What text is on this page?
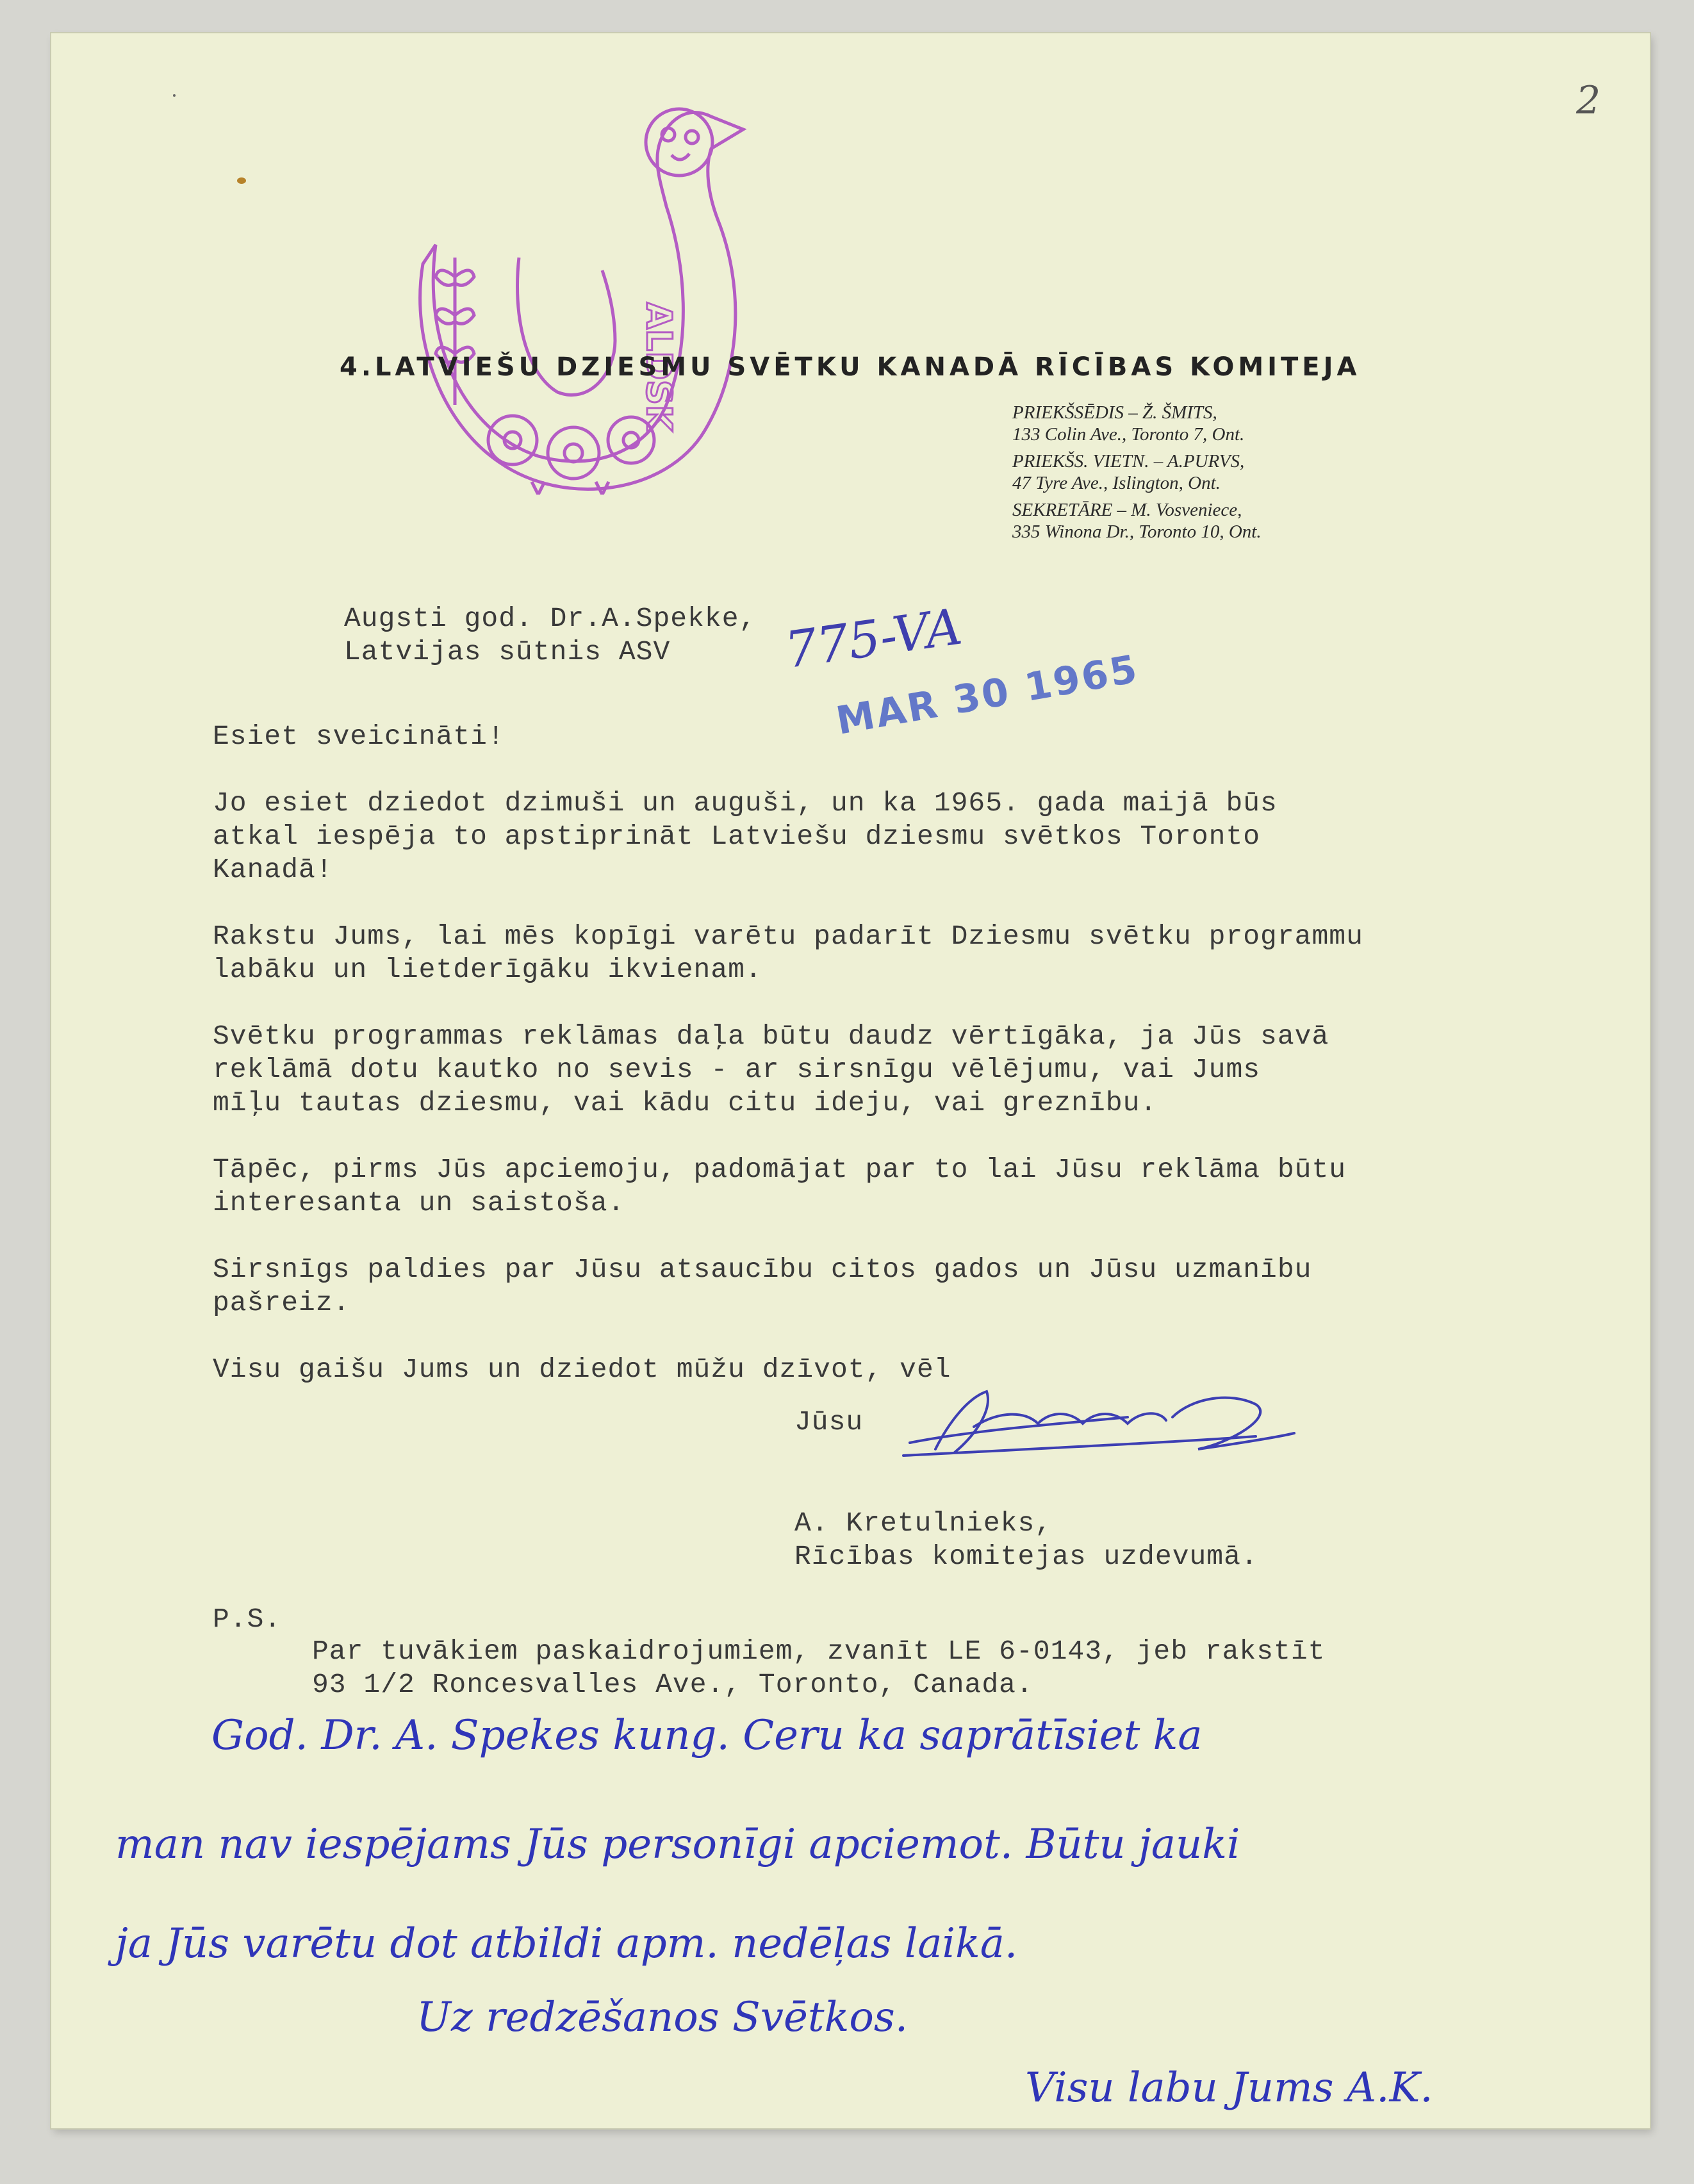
2
ALDSK
4.LATVIEŠU DZIESMU SVĒTKU KANADĀ RĪCĪBAS KOMITEJA
PRIEKŠSĒDIS – Ž. ŠMITS,
133 Colin Ave., Toronto 7, Ont.
PRIEKŠS. VIETN. – A.PURVS,
47 Tyre Ave., Islington, Ont.
SEKRETĀRE – M. Vosveniece,
335 Winona Dr., Toronto 10, Ont.
Augsti god. Dr.A.Spekke,
Latvijas sūtnis ASV	775-VA
MAR 30 1965
Esiet sveicināti!
Jo esiet dziedot dzimuši un auguši, un ka 1965. gada maijā būs
atkal iespēja to apstiprināt Latviešu dziesmu svētkos Toronto
Kanadā!
Rakstu Jums, lai mēs kopīgi varētu padarīt Dziesmu svētku programmu
labāku un lietderīgāku ikvienam.
Svētku programmas reklāmas daļa būtu daudz vērtīgāka, ja Jūs savā
reklāmā dotu kautko no sevis - ar sirsnīgu vēlējumu, vai Jums
mīļu tautas dziesmu, vai kādu citu ideju, vai greznību.
Tāpēc, pirms Jūs apciemoju, padomājat par to lai Jūsu reklāma būtu
interesanta un saistoša.
Sirsnīgs paldies par Jūsu atsaucību citos gados un Jūsu uzmanību
pašreiz.
Visu gaišu Jums un dziedot mūžu dzīvot, vēl
Jūsu
A. Kretulnieks,
Rīcības komitejas uzdevumā.
P.S.
Par tuvākiem paskaidrojumiem, zvanīt LE 6-0143, jeb rakstīt
93 1/2 Roncesvalles Ave., Toronto, Canada.
God. Dr. A. Spekes kung. Ceru ka saprātīsiet ka
man nav iespējams Jūs personīgi apciemot. Būtu jauki
ja Jūs varētu dot atbildi apm. nedēļas laikā.
Uz redzēšanos Svētkos.
Visu labu Jums A.K.
